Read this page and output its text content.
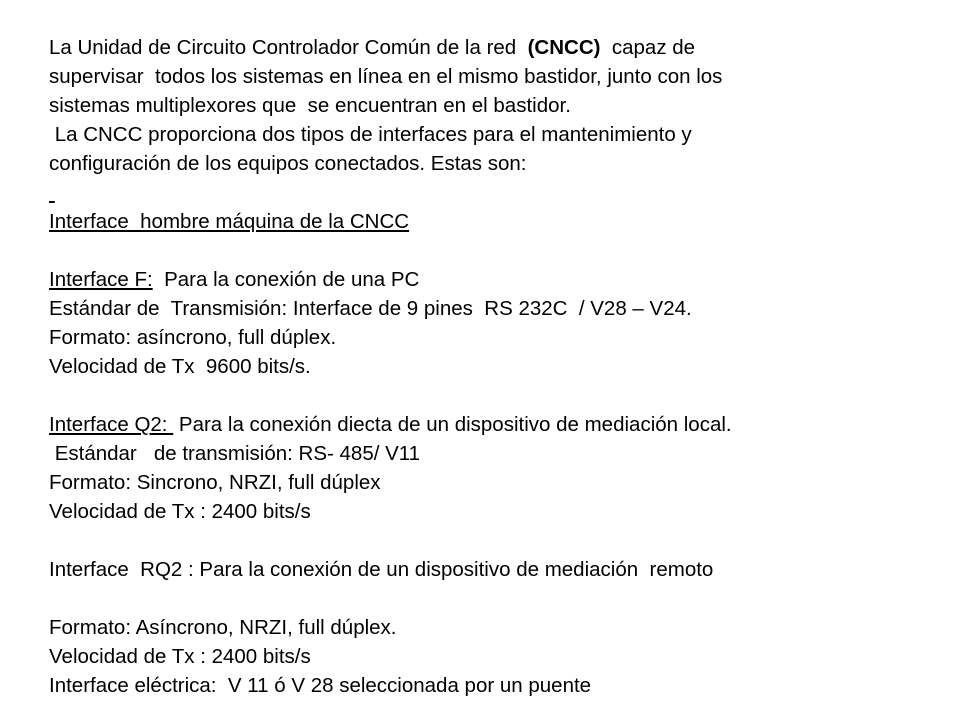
La Unidad de Circuito Controlador Común de la red  (CNCC)  capaz de
supervisar  todos los sistemas en línea en el mismo bastidor, junto con los
sistemas multiplexores que  se encuentran en el bastidor.
La CNCC proporciona dos tipos de interfaces para el mantenimiento y
configuración de los equipos conectados. Estas son:

Interface  hombre máquina de la CNCC
Interface F:  Para la conexión de una PC
Estándar de  Transmisión: Interface de 9 pines  RS 232C  / V28 – V24.
Formato: asíncrono, full dúplex.
Velocidad de Tx  9600 bits/s.
Interface Q2:  Para la conexión diecta de un dispositivo de mediación local.
Estándar   de transmisión: RS- 485/ V11
Formato: Sincrono, NRZI, full dúplex
Velocidad de Tx : 2400 bits/s
Interface  RQ2 : Para la conexión de un dispositivo de mediación  remoto
Formato: Asíncrono, NRZI, full dúplex.
Velocidad de Tx : 2400 bits/s
Interface eléctrica:  V 11 ó V 28 seleccionada por un puente
